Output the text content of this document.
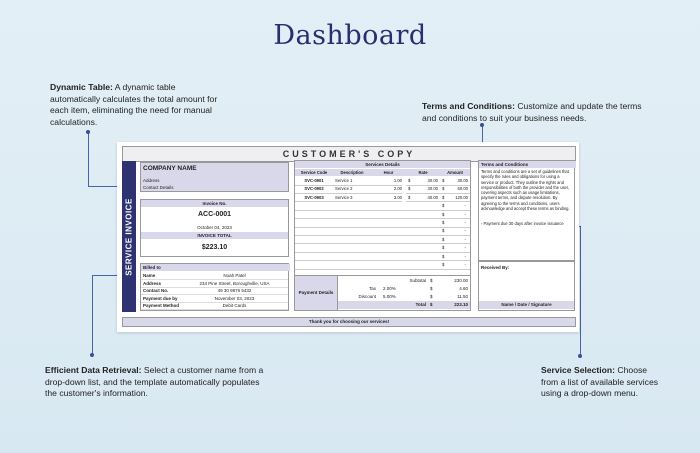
Dashboard
Dynamic Table: A dynamic table automatically calculates the total amount for each item, eliminating the need for manual calculations.
Terms and Conditions: Customize and update the terms and conditions to suit your business needs.
Efficient Data Retrieval: Select a customer name from a drop-down list, and the template automatically populates the customer's information.
Service Selection: Choose from a list of available services using a drop-down menu.
CUSTOMER'S COPY
SERVICE INVOICE
COMPANY NAME
Address
Contact Details
Invoice No.
ACC-0001
October 04, 2023
INVOICE TOTAL
$223.10
Billed to
Name	Noah Patel
Address	234 Pine Street, Boroughville, USA
Contact No.	49 30 9876 5432
Payment due by	November 03, 2023
Payment Method	Debit Cards
Services Details
Service Code	Description	Hour	Rate	Amount
SVC-0901	Service 1	1.00 $	30.00 $	30.00
SVC-0902	Service 2	2.00 $	30.00 $	60.00
SVC-0903	Service 3	3.00 $	40.00 $	120.00
$	-
$	-
$	-
$	-
$	-
$	-
$	-
$	-
Payment Details
Subtotal $	230.00
Tax 2.00%	$	4.60
Discount 5.00%	$	11.50
Total $	223.10
Terms and Conditions
Terms and conditions are a set of guidelines that specify the rules and obligations for using a service or product. They outline the rights and responsibilities of both the provider and the user, covering aspects such as usage limitations, payment terms, and dispute resolution. By agreeing to the terms and conditions, users acknowledge and accept these terms as binding.
- Payment due 30 days after invoice issuance
Received By:
Name / Date / Signature
Thank you for choosing our services!
